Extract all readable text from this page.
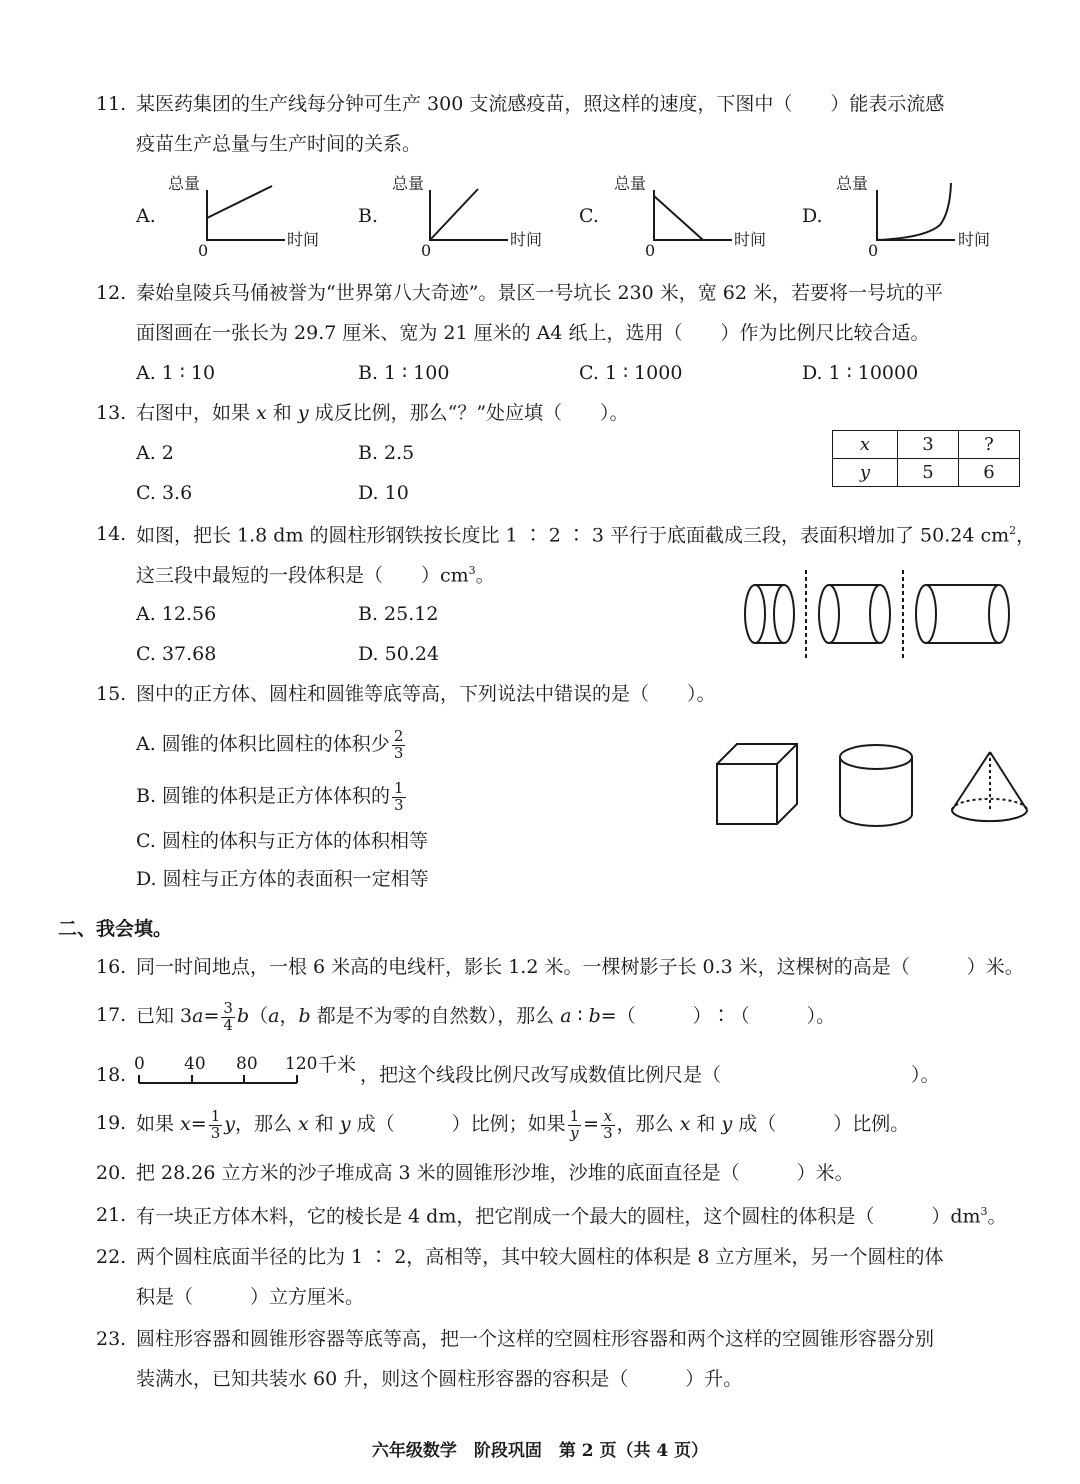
11. 某医药集团的生产线每分钟可生产 300 支流感疫苗，照这样的速度，下图中（　　）能表示流感
疫苗生产总量与生产时间的关系。
A.
总量
0
时间
B.
总量
0
时间
C.
总量
0
时间
D.
总量
0
时间
12. 秦始皇陵兵马俑被誉为“世界第八大奇迹”。景区一号坑长 230 米，宽 62 米，若要将一号坑的平
面图画在一张长为 29.7 厘米、宽为 21 厘米的 A4 纸上，选用（　　）作为比例尺比较合适。
A. 1 ∶ 10	B. 1 ∶ 100	C. 1 ∶ 1000	D. 1 ∶ 10000
13. 右图中，如果 x 和 y 成反比例，那么“？”处应填（　　）。
A. 2	B. 2.5
C. 3.6	D. 10
x	3	?
y	5	6
14. 如图，把长 1.8 dm 的圆柱形钢铁按长度比 1 ∶ 2 ∶ 3 平行于底面截成三段，表面积增加了 50.24 $cm^2$，
这三段中最短的一段体积是（　　）$cm^3$。
A. 12.56	B. 25.12
C. 37.68	D. 50.24
15. 图中的正方体、圆柱和圆锥等底等高，下列说法中错误的是（　　）。
A. 圆锥的体积比圆柱的体积少 $\frac{2}{3}$
B. 圆锥的体积是正方体体积的 $\frac{1}{3}$
C. 圆柱的体积与正方体的体积相等
D. 圆柱与正方体的表面积一定相等
二、我会填。
16. 同一时间地点，一根 6 米高的电线杆，影长 1.2 米。一棵树影子长 0.3 米，这棵树的高是（　　　）米。
17. 已知 $3a= \frac{3}{4} b(a$，b 都是不为零的自然数），那么 a ∶ b=（　　　）∶（　　　）。
18. 0 40 80 120 千米 ，把这个线段比例尺改写成数值比例尺是（　　　　　　　　　　）。
19. 如果 $x= \frac{1}{3}$ y，那么 x 和 y 成（　　　）比例；如果 $\frac{1}{y} = \frac{x}{3}$ ，那么 x 和 y 成（　　　）比例。
20. 把 28.26 立方米的沙子堆成高 3 米的圆锥形沙堆，沙堆的底面直径是（　　　）米。
21. 有一块正方体木料，它的棱长是 4 dm，把它削成一个最大的圆柱，这个圆柱的体积是（　　　）$dm^3$。
22. 两个圆柱底面半径的比为 1 ∶ 2，高相等，其中较大圆柱的体积是 8 立方厘米，另一个圆柱的体
积是（　　　）立方厘米。
23. 圆柱形容器和圆锥形容器等底等高，把一个这样的空圆柱形容器和两个这样的空圆锥形容器分别
装满水，已知共装水 60 升，则这个圆柱形容器的容积是（　　　）升。
六年级数学　阶段巩固　第 2 页（共 4 页）
